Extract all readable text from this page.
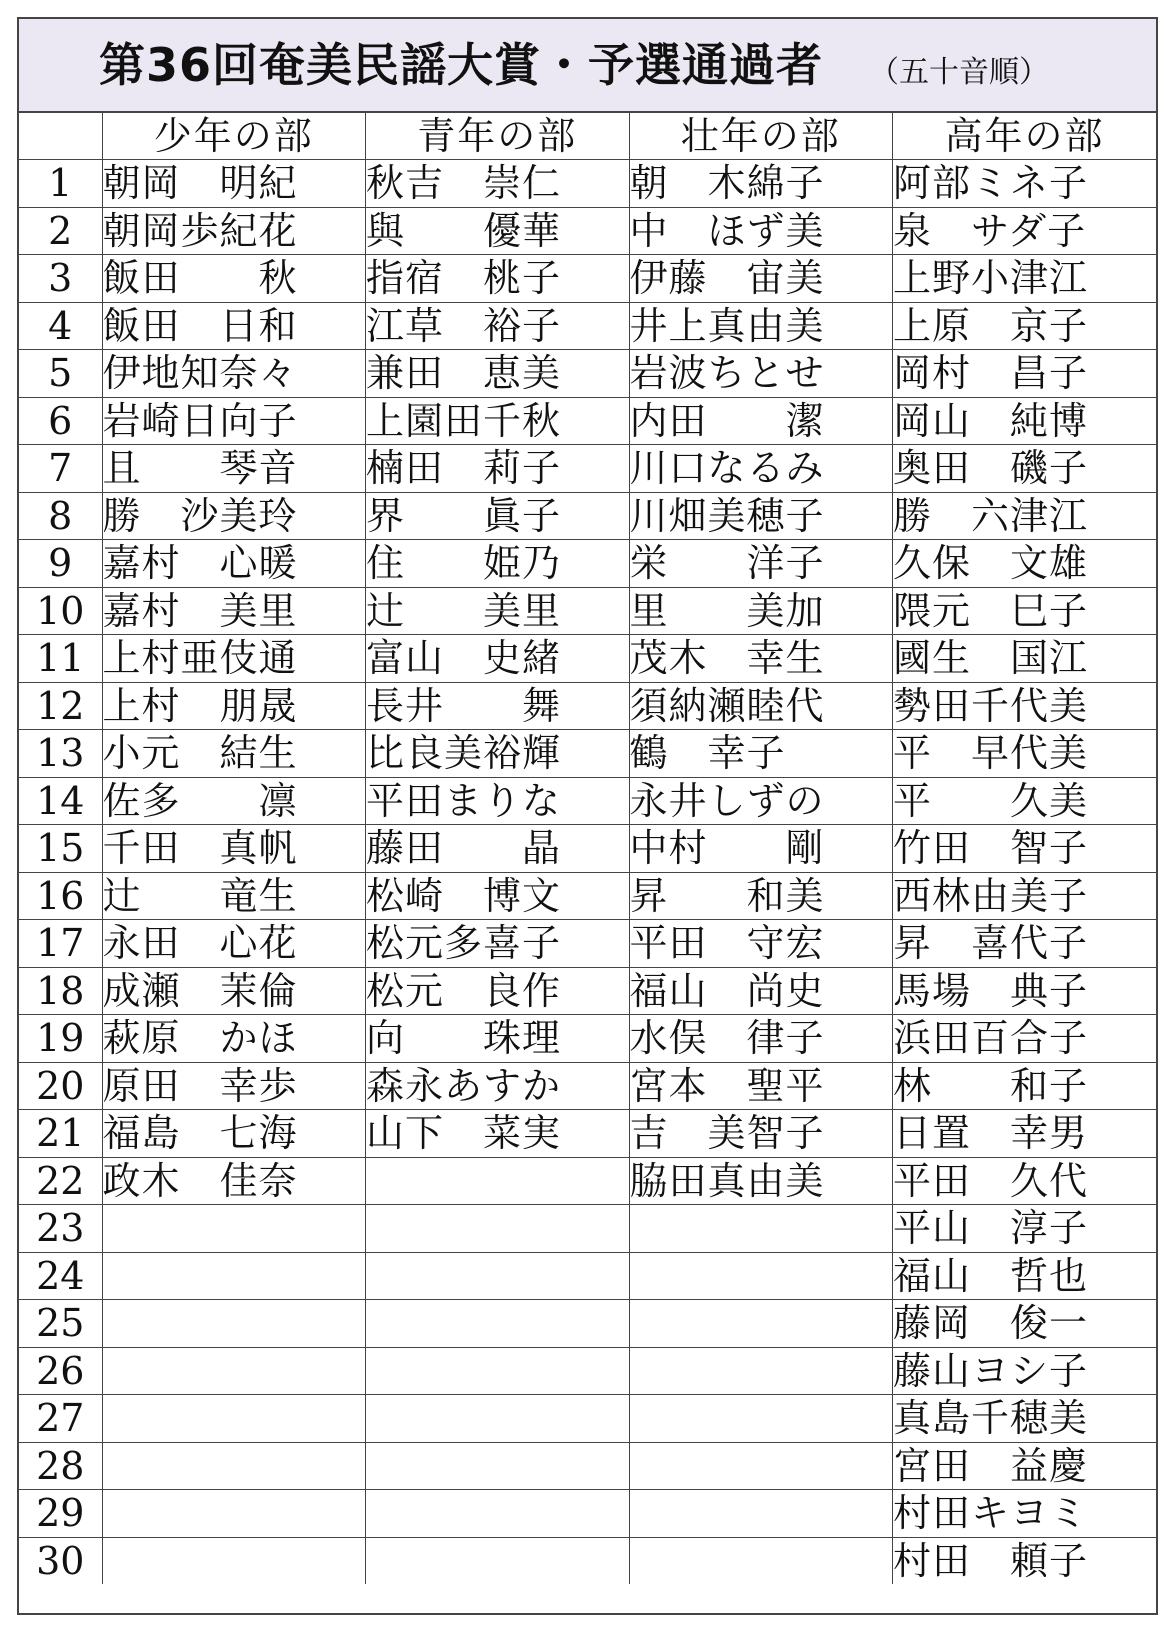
第36回奄美民謡大賞・予選通過者 （五十音順）
	少年の部	青年の部	壮年の部	高年の部
1	朝岡　明紀	秋吉　崇仁	朝　木綿子	阿部ミネ子
2	朝岡歩紀花	與　　優華	中　ほず美	泉　サダ子
3	飯田　　秋	指宿　桃子	伊藤　宙美	上野小津江
4	飯田　日和	江草　裕子	井上真由美	上原　京子
5	伊地知奈々	兼田　恵美	岩波ちとせ	岡村　昌子
6	岩崎日向子	上園田千秋	内田　　潔	岡山　純博
7	且　　琴音	楠田　莉子	川口なるみ	奥田　磯子
8	勝　沙美玲	界　　眞子	川畑美穂子	勝　六津江
9	嘉村　心暖	住　　姫乃	栄　　洋子	久保　文雄
10	嘉村　美里	辻　　美里	里　　美加	隈元　巳子
11	上村亜伎通	富山　史緒	茂木　幸生	國生　国江
12	上村　朋晟	長井　　舞	須納瀬睦代	勢田千代美
13	小元　結生	比良美裕輝	鶴　幸子	平　早代美
14	佐多　　凛	平田まりな	永井しずの	平　　久美
15	千田　真帆	藤田　　晶	中村　　剛	竹田　智子
16	辻　　竜生	松崎　博文	昇　　和美	西林由美子
17	永田　心花	松元多喜子	平田　守宏	昇　喜代子
18	成瀬　茉倫	松元　良作	福山　尚史	馬場　典子
19	萩原　かほ	向　　珠理	水俣　律子	浜田百合子
20	原田　幸歩	森永あすか	宮本　聖平	林　　和子
21	福島　七海	山下　菜実	吉　美智子	日置　幸男
22	政木　佳奈		脇田真由美	平田　久代
23				平山　淳子
24				福山　哲也
25				藤岡　俊一
26				藤山ヨシ子
27				真島千穂美
28				宮田　益慶
29				村田キヨミ
30				村田　頼子
